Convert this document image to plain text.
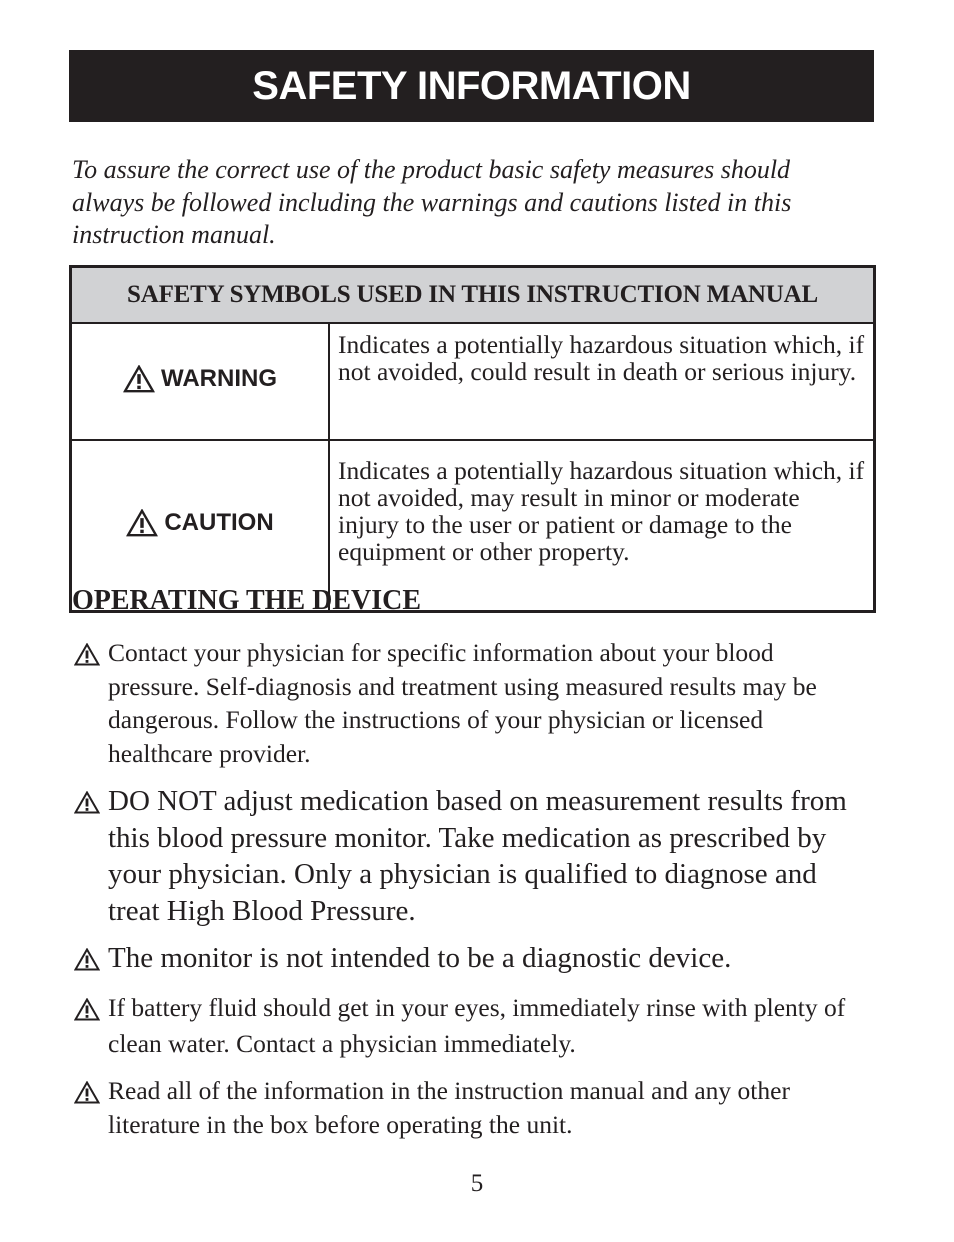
SAFETY INFORMATION

To assure the correct use of the product basic safety measures should always be followed including the warnings and cautions listed in this instruction manual.

SAFETY SYMBOLS USED IN THIS INSTRUCTION MANUAL	

WARNING	Indicates a potentially hazardous situation which, if not avoided, could result in death or serious injury.

CAUTION	Indicates a potentially hazardous situation which, if not avoided, may result in minor or moderate injury to the user or patient or damage to the equipment or other property.
OPERATING THE DEVICE
Contact your physician for specific information about your blood pressure. Self-diagnosis and treatment using measured results may be dangerous. Follow the instructions of your physician or licensed healthcare provider.
DO NOT adjust medication based on measurement results from this blood pressure monitor. Take medication as prescribed by your physician. Only a physician is qualified to diagnose and treat High Blood Pressure.
The monitor is not intended to be a diagnostic device.
If battery fluid should get in your eyes, immediately rinse with plenty of clean water. Contact a physician immediately.
Read all of the information in the instruction manual and any other literature in the box before operating the unit.

5
